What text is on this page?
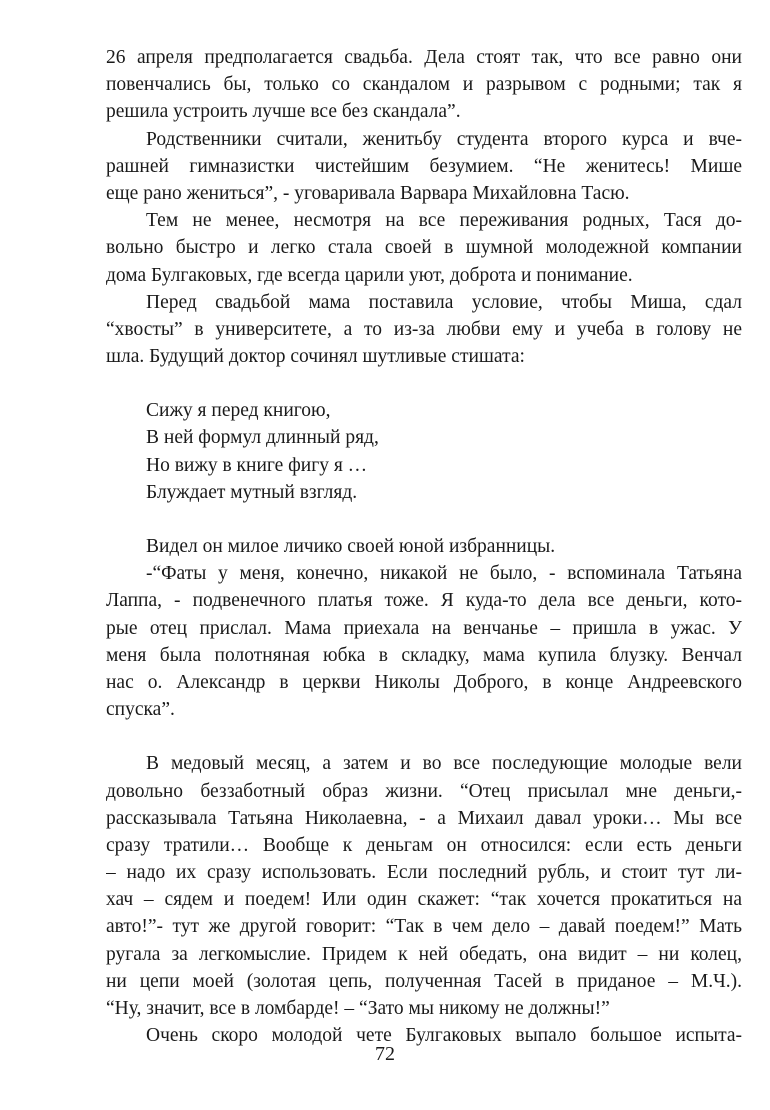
26 апреля предполагается свадьба. Дела стоят так, что все равно они
повенчались бы, только со скандалом и разрывом с родными; так я
решила устроить лучше все без скандала”.
Родственники считали, женитьбу студента второго курса и вче-
рашней гимназистки чистейшим безумием. “Не женитесь! Мише
еще рано жениться”, - уговаривала Варвара Михайловна Тасю.
Тем не менее, несмотря на все переживания родных, Тася до-
вольно быстро и легко стала своей в шумной молодежной компании
дома Булгаковых, где всегда царили уют, доброта и понимание.
Перед свадьбой мама поставила условие, чтобы Миша, сдал
“хвосты” в университете, а то из-за любви ему и учеба в голову не
шла. Будущий доктор сочинял шутливые стишата:
Сижу я перед книгою,
В ней формул длинный ряд,
Но вижу в книге фигу я …
Блуждает мутный взгляд.
Видел он милое личико своей юной избранницы.
-“Фаты у меня, конечно, никакой не было, - вспоминала Татьяна
Лаппа, - подвенечного платья тоже. Я куда-то дела все деньги, кото-
рые отец прислал. Мама приехала на венчанье – пришла в ужас. У
меня была полотняная юбка в складку, мама купила блузку. Венчал
нас о. Александр в церкви Николы Доброго, в конце Андреевского
спуска”.
В медовый месяц, а затем и во все последующие молодые вели
довольно беззаботный образ жизни. “Отец присылал мне деньги,-
рассказывала Татьяна Николаевна, - а Михаил давал уроки… Мы все
сразу тратили… Вообще к деньгам он относился: если есть деньги
– надо их сразу использовать. Если последний рубль, и стоит тут ли-
хач – сядем и поедем! Или один скажет: “так хочется прокатиться на
авто!”- тут же другой говорит: “Так в чем дело – давай поедем!” Мать
ругала за легкомыслие. Придем к ней обедать, она видит – ни колец,
ни цепи моей (золотая цепь, полученная Тасей в приданое – М.Ч.).
“Ну, значит, все в ломбарде! – “Зато мы никому не должны!”
Очень скоро молодой чете Булгаковых выпало большое испыта-
72
